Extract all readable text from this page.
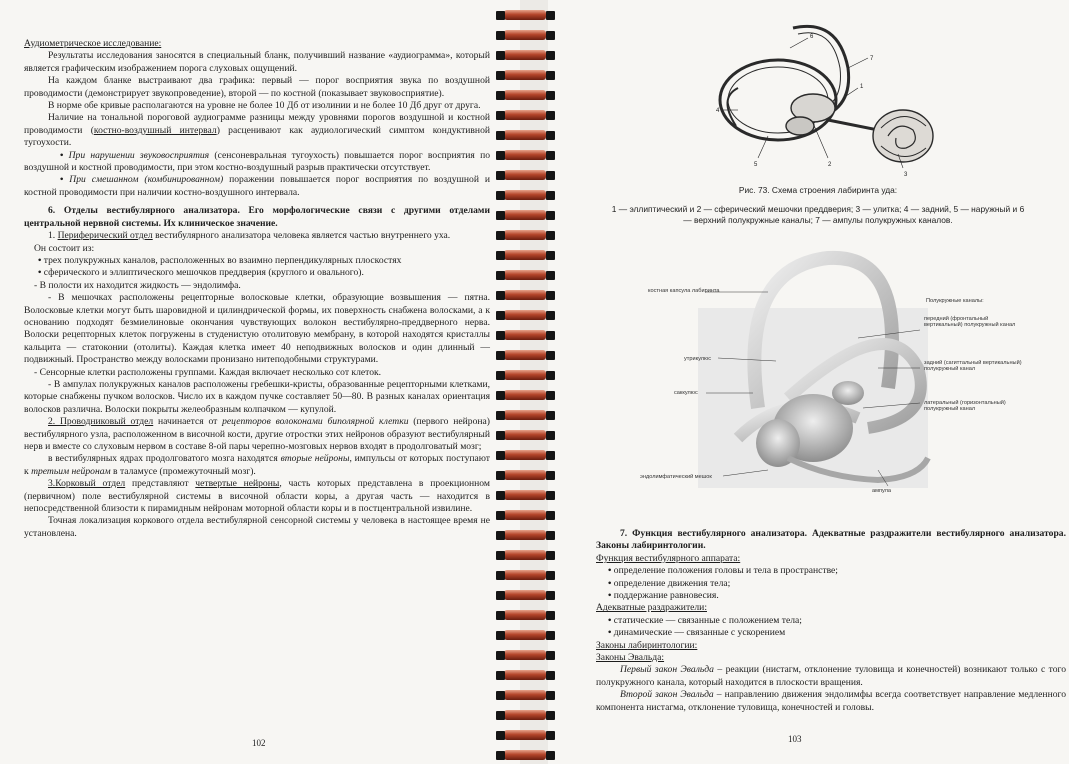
Аудиометрическое исследование:

Результаты исследования заносятся в специальный бланк, получивший название «аудиограмма», который является графическим изображением порога слуховых ощущений.

На каждом бланке выстраивают два графика: первый — порог восприятия звука по воздушной проводимости (демонстрирует звукопроведение), второй — по костной (показывает звуковосприятие).

В норме обе кривые располагаются на уровне не более 10 Дб от изолинии и не более 10 Дб друг от друга.

Наличие на тональной пороговой аудиограмме разницы между уровнями порогов воздушной и костной проводимости (костно-воздушный интервал) расценивают как аудиологический симптом кондуктивной тугоухости.

• При нарушении звуковосприятия (сенсоневральная тугоухость) повышается порог восприятия по воздушной и костной проводимости, при этом костно-воздушный разрыв практически отсутствует.

• При смешанном (комбинированном) поражении повышается порог восприятия по воздушной и костной проводимости при наличии костно-воздушного интервала.

6. Отделы вестибулярного анализатора. Его морфологические связи с другими отделами центральной нервной системы. Их клиническое значение.

1. Периферический отдел вестибулярного анализатора человека является частью внутреннего уха.

Он состоит из:

• трех полукружных каналов, расположенных во взаимно перпендикулярных плоскостях

• сферического и эллиптического мешочков преддверия (круглого и овального).

- В полости их находится жидкость — эндолимфа.

- В мешочках расположены рецепторные волосковые клетки, образующие возвышения — пятна. Волосковые клетки могут быть шаровидной и цилиндрической формы, их поверхность снабжена волосками, а к основанию подходят безмиелиновые окончания чувствующих волокон вестибулярно-преддверного нерва. Волоски рецепторных клеток погружены в студенистую отолитовую мембрану, в которой находятся кристаллы кальцита — статоконии (отолиты). Каждая клетка имеет 40 неподвижных волосков и один длинный — подвижный. Пространство между волосками пронизано нитеподобными структурами.

- Сенсорные клетки расположены группами. Каждая включает несколько сот клеток.

- В ампулах полукружных каналов расположены гребешки-кристы, образованные рецепторными клетками, которые снабжены пучком волосков. Число их в каждом пучке составляет 50—80. В разных каналах ориентация волосков различна. Волоски покрыты желеобразным колпачком — купулой.

2. Проводниковый отдел начинается от рецепторов волоконами биполярной клетки (первого нейрона) вестибулярного узла, расположенном в височной кости, другие отростки этих нейронов образуют вестибулярный нерв и вместе со слуховым нервом в составе 8-ой пары черепно-мозговых нервов входят в продолговатый мозг;

в вестибулярных ядрах продолговатого мозга находятся вторые нейроны, импульсы от которых поступают к третьим нейронам в таламусе (промежуточный мозг).

3.Корковый отдел представляют четвертые нейроны, часть которых представлена в проекционном (первичном) поле вестибулярной системы в височной области коры, а другая часть — находится в непосредственной близости к пирамидным нейронам моторной области коры и в постцентральной извилине.

Точная локализация коркового отдела вестибулярной сенсорной системы у человека в настоящее время не установлена.

102
4
6
7
3
5	2
1
Рис. 73. Схема строения лабиринта уда:
1 — эллиптический и 2 — сферический мешочки преддверия; 3 — улитка; 4 — задний, 5 — наружный и 6 — верхний полукружные каналы; 7 — ампулы полукружных каналов.
костная капсула лабиринта
Полукружные каналы:
передний (фронтальный вертикальный) полукружный канал
утрикулюс
задний (сагиттальный вертикальный) полукружный канал
саккулюс
латеральный (горизонтальный) полукружный канал
эндолимфатический мешок
ампула

7. Функция вестибулярного анализатора. Адекватные раздражители вестибулярного анализатора. Законы лабиринтологии.

Функция вестибулярного аппарата:

• определение положения головы и тела в пространстве;

• определение движения тела;

• поддержание равновесия.

Адекватные раздражители:

• статические — связанные с положением тела;

• динамические — связанные с ускорением

Законы лабиринтологии:

Законы Эвальда:

Первый закон Эвальда – реакции (нистагм, отклонение туловища и конечностей) возникают только с того полукружного канала, который находится в плоскости вращения.

Второй закон Эвальда – направлению движения эндолимфы всегда соответствует направление медленного компонента нистагма, отклонение туловища, конечностей и головы.

103
